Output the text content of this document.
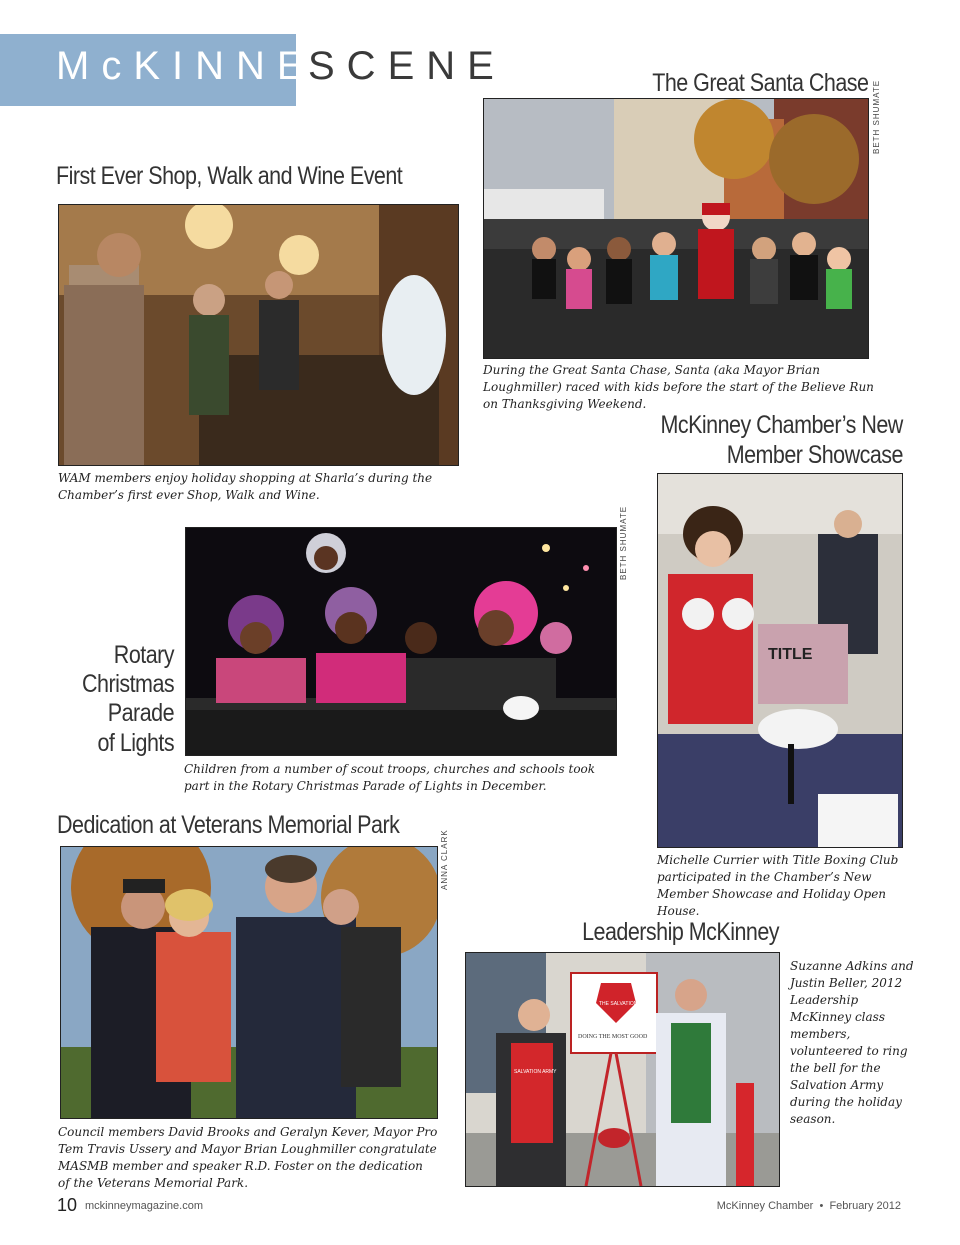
McKINNEY
SCENE	The Great Santa Chase BETH SHUMATE
During the Great Santa Chase, Santa (aka Mayor Brian Loughmiller) raced with kids before the start of the Believe Run on Thanksgiving Weekend.
First Ever Shop, Walk and Wine Event
WAM members enjoy holiday shopping at Sharla’s during the Chamber’s first ever Shop, Walk and Wine.
McKinney Chamber’s New
Member Showcase
TITLE
Michelle Currier with Title Boxing Club participated in the Chamber’s New Member Showcase and Holiday Open House.
Rotary
Christmas
Parade
of Lights
BETH SHUMATE
Children from a number of scout troops, churches and schools took part in the Rotary Christmas Parade of Lights in December.
Dedication at Veterans Memorial Park
ANNA CLARK
Council members David Brooks and Geralyn Kever, Mayor Pro Tem Travis Ussery and Mayor Brian Loughmiller congratulate MASMB member and speaker R.D. Foster on the dedication of the Veterans Memorial Park.
Leadership McKinney
DOING THE MOST GOOD
THE SALVATION ARMY
SALVATION ARMY
Suzanne Adkins and Justin Beller, 2012 Leadership McKinney class members, volunteered to ring the bell for the Salvation Army during the holiday season.
10 mckinneymagazine.com	McKinney Chamber • February 2012
